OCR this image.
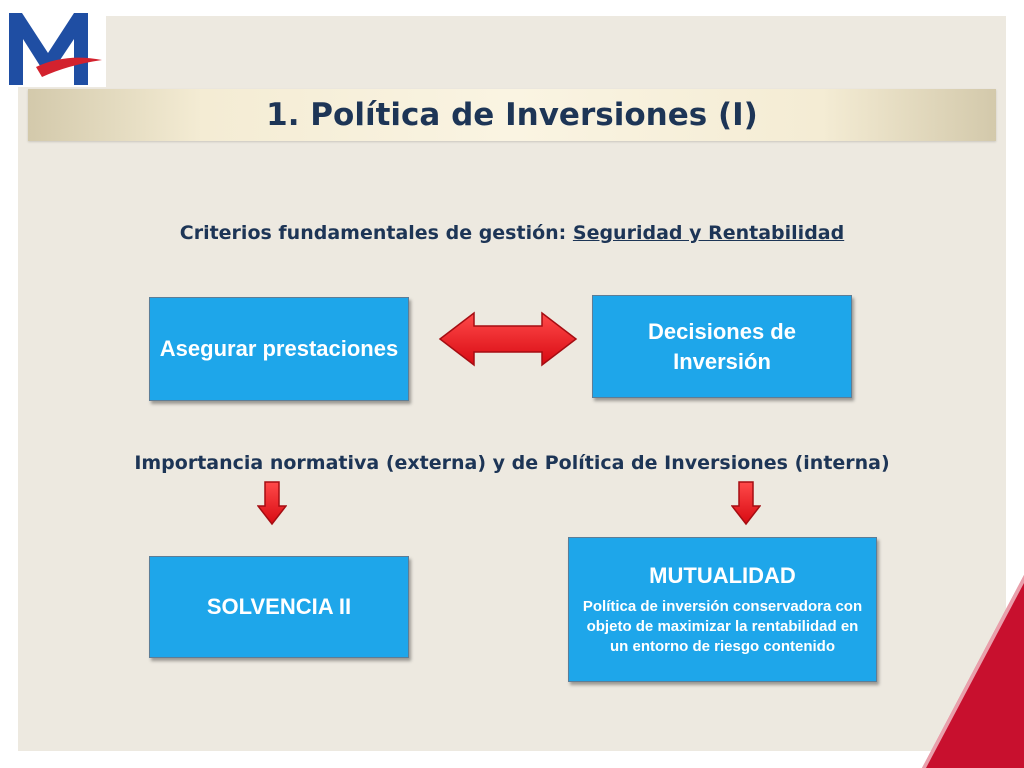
1. Política de Inversiones (I)
Criterios fundamentales de gestión: Seguridad y Rentabilidad
Asegurar prestaciones
Decisiones de
Inversión
Importancia normativa (externa) y de Política de Inversiones (interna)
SOLVENCIA II
MUTUALIDAD
Política de inversión conservadora con
objeto de maximizar la rentabilidad en
un entorno de riesgo contenido
